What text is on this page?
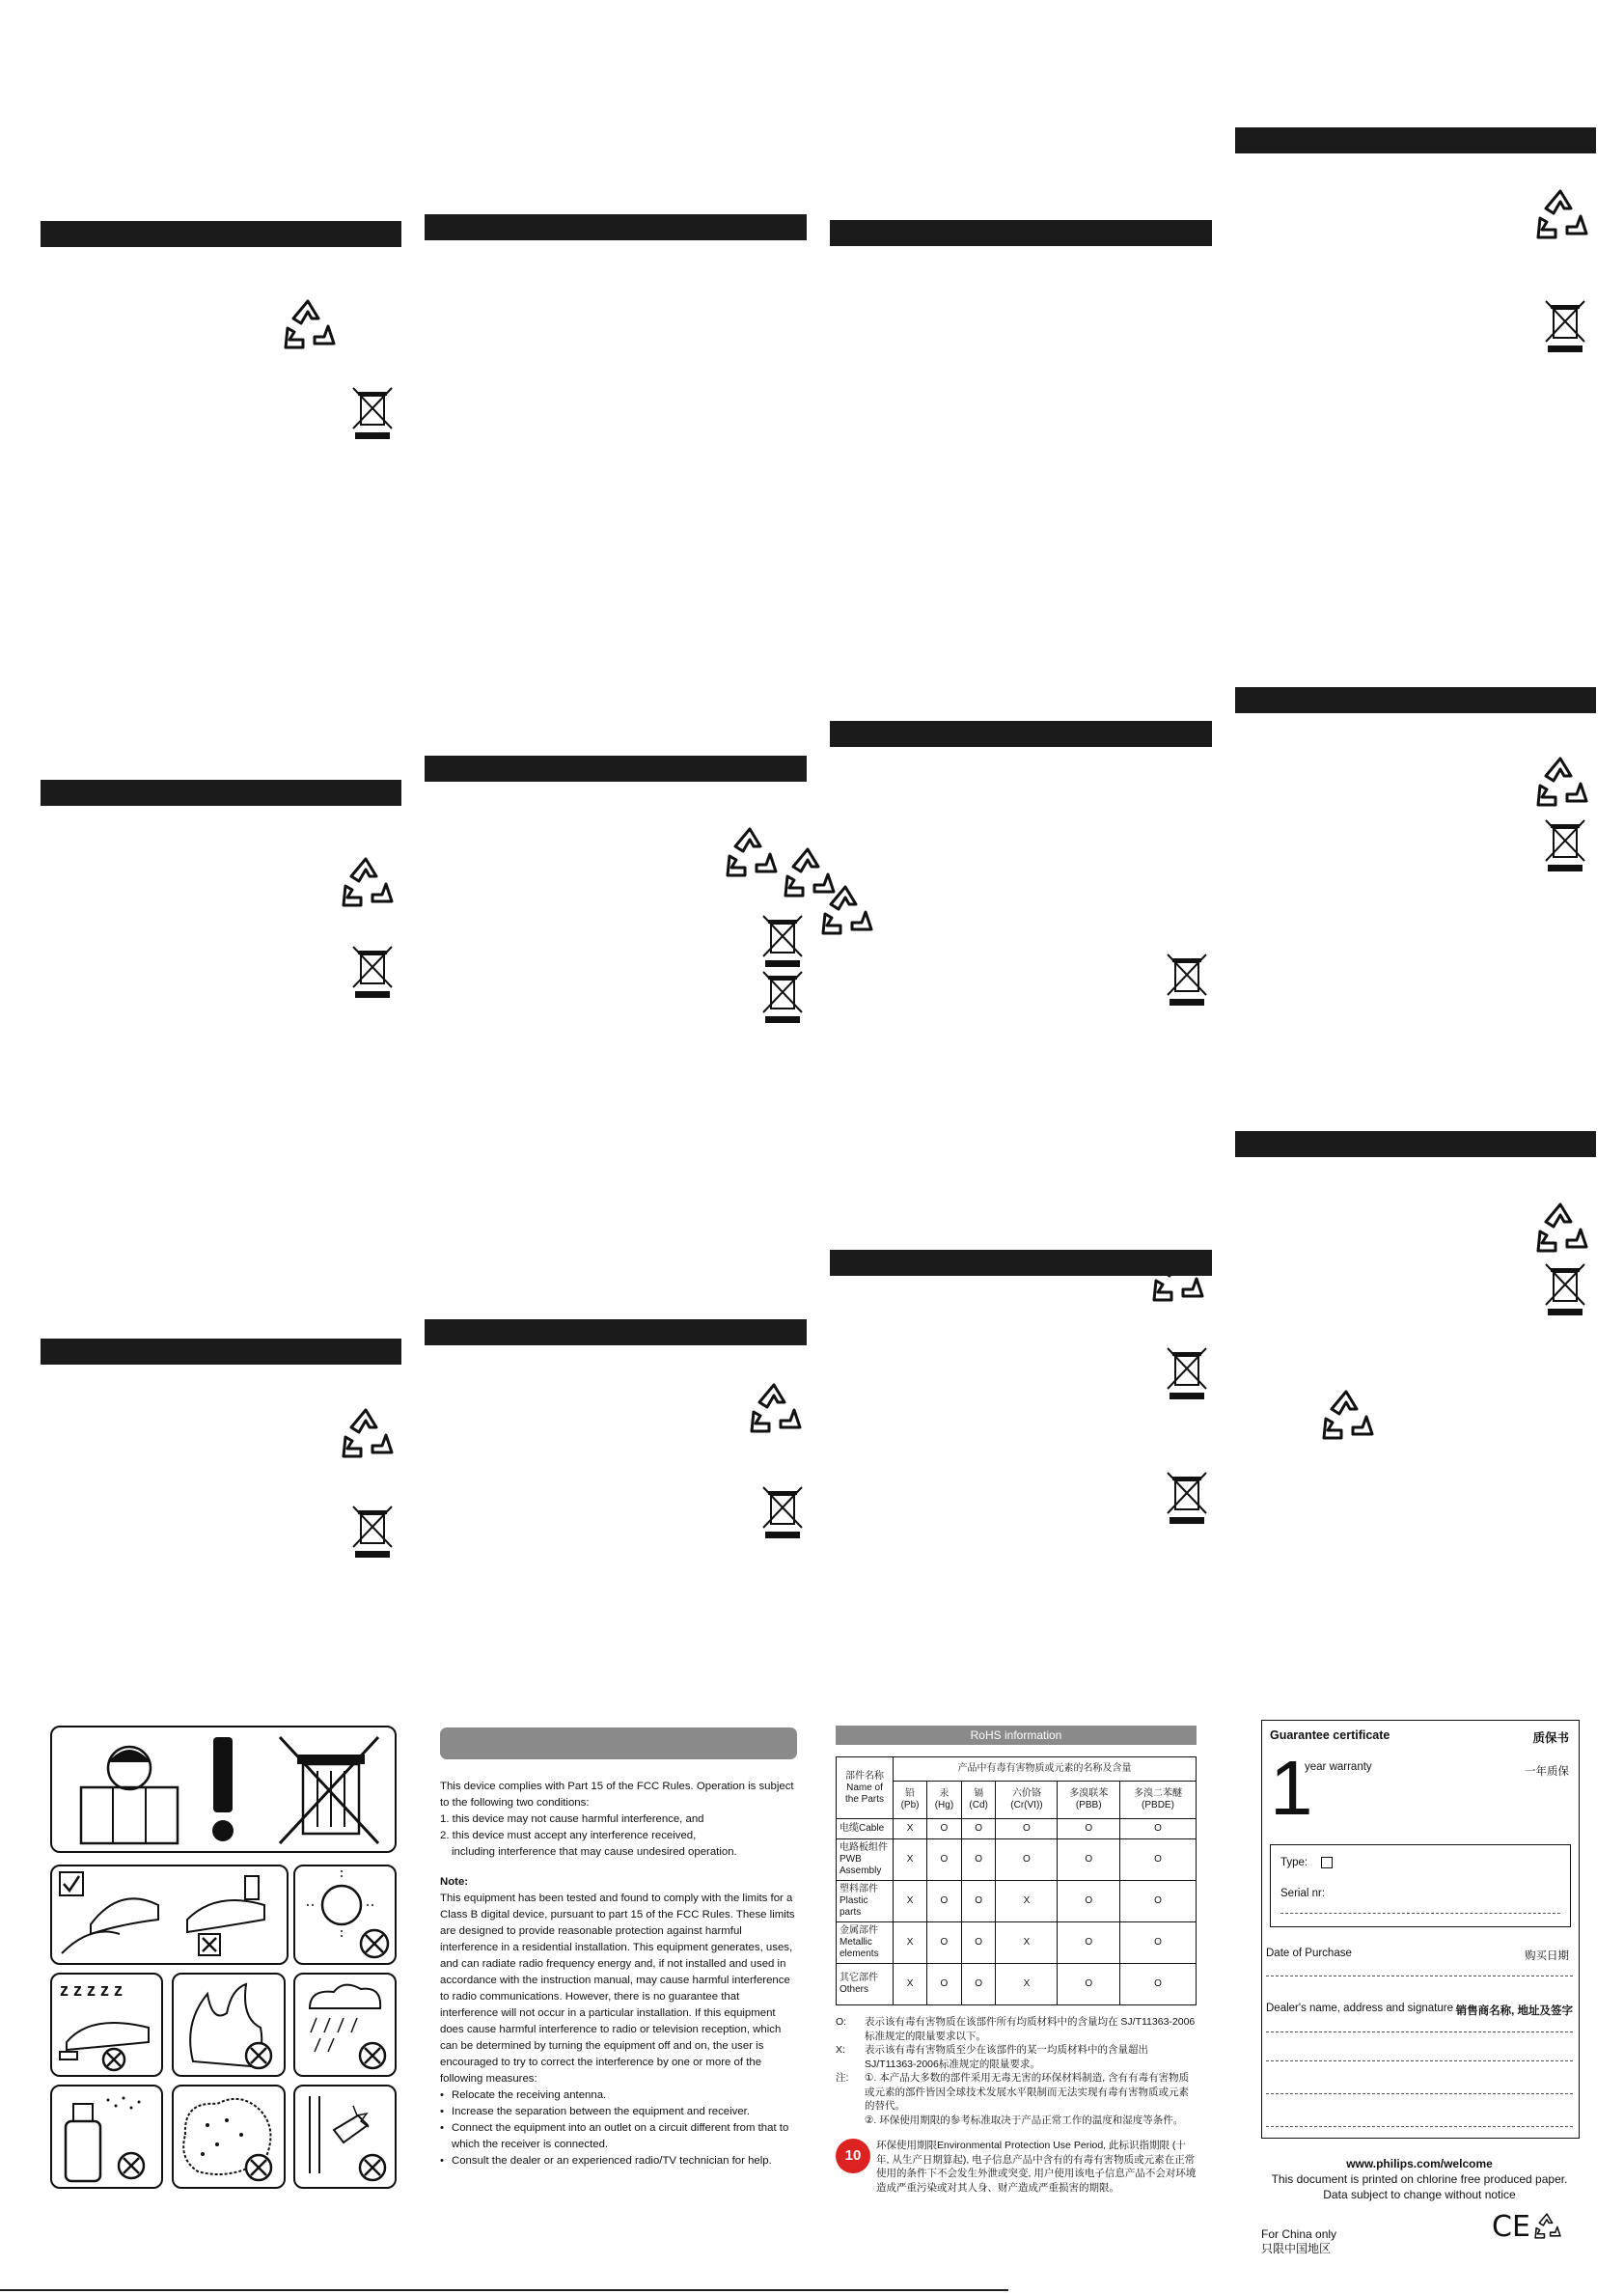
z z z z z

This device complies with Part 15 of the FCC Rules. Operation is subject to the following two conditions:

1. this device may not cause harmful interference, and

2. this device must accept any interference received,

including interference that may cause undesired operation.

Note:

This equipment has been tested and found to comply with the limits for a Class B digital device, pursuant to part 15 of the FCC Rules. These limits are designed to provide reasonable protection against harmful interference in a residential installation. This equipment generates, uses, and can radiate radio frequency energy and, if not installed and used in accordance with the instruction manual, may cause harmful interference to radio communications. However, there is no guarantee that interference will not occur in a particular installation. If this equipment does cause harmful interference to radio or television reception, which can be determined by turning the equipment off and on, the user is encouraged to try to correct the interference by one or more of the following measures:

• Relocate the receiving antenna.
• Increase the separation between the equipment and receiver.
• Connect the equipment into an outlet on a circuit different from that to which the receiver is connected.
• Consult the dealer or an experienced radio/TV technician for help.
RoHS information
部件名称 Name of the Parts	产品中有毒有害物质或元素的名称及含量					
	铅 (Pb)	汞 (Hg)	镉 (Cd)	六价铬 (Cr(VI))	多溴联苯 (PBB)	多溴二苯醚 (PBDE)
电缆Cable	X	O	O	O	O	O
电路板组件 PWB Assembly	X	O	O	O	O	O
塑料部件 Plastic parts	X	O	O	X	O	O
金属部件 Metallic elements	X	O	O	X	O	O
其它部件 Others	X	O	O	X	O	O
O:	表示该有毒有害物质在该部件所有均质材料中的含量均在 SJ/T11363-2006标准规定的限量要求以下。
X:	表示该有毒有害物质至少在该部件的某一均质材料中的含量超出 SJ/T11363-2006标准规定的限量要求。
注:	①. 本产品大多数的部件采用无毒无害的环保材料制造, 含有有毒有害物质或元素的部件皆因全球技术发展水平限制而无法实现有毒有害物质或元素的替代。
②. 环保使用期限的参考标准取决于产品正常工作的温度和湿度等条件。
10
环保使用期限Environmental Protection Use Period, 此标识指期限 (十年, 从生产日期算起), 电子信息产品中含有的有毒有害物质或元素在正常使用的条件下不会发生外泄或突变, 用户使用该电子信息产品不会对环境造成严重污染或对其人身、财产造成严重损害的期限。
Guarantee certificate	质保书
1
year warranty	一年质保
Type:
Serial nr:
Date of Purchase	购买日期
Dealer's name, address and signature 销售商名称, 地址及签字
www.philips.com/welcome
This document is printed on chlorine free produced paper.
Data subject to change without notice
For China only
只限中国地区
CE
